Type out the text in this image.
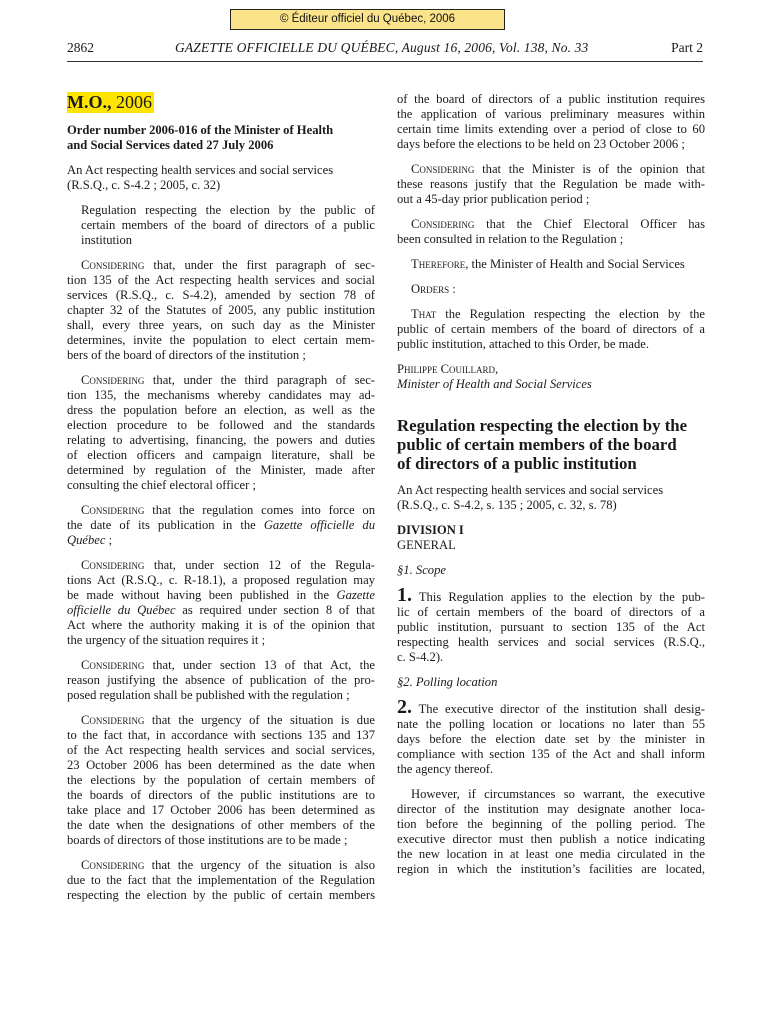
© Éditeur officiel du Québec, 2006
2862	GAZETTE OFFICIELLE DU QUÉBEC, August 16, 2006, Vol. 138, No. 33	Part 2
M.O., 2006
Order number 2006-016 of the Minister of Health
and Social Services dated 27 July 2006
An Act respecting health services and social services
(R.S.Q., c. S-4.2 ; 2005, c. 32)
Regulation respecting the election by the public of
certain members of the board of directors of a public
institution
Considering that, under the first paragraph of sec-
tion 135 of the Act respecting health services and social
services (R.S.Q., c. S-4.2), amended by section 78 of
chapter 32 of the Statutes of 2005, any public institution
shall, every three years, on such day as the Minister
determines, invite the population to elect certain mem-
bers of the board of directors of the institution ;
Considering that, under the third paragraph of sec-
tion 135, the mechanisms whereby candidates may ad-
dress the population before an election, as well as the
election procedure to be followed and the standards
relating to advertising, financing, the powers and duties
of election officers and campaign literature, shall be
determined by regulation of the Minister, made after
consulting the chief electoral officer ;
Considering that the regulation comes into force on
the date of its publication in the Gazette officielle du
Québec ;
Considering that, under section 12 of the Regula-
tions Act (R.S.Q., c. R-18.1), a proposed regulation may
be made without having been published in the Gazette
officielle du Québec as required under section 8 of that
Act where the authority making it is of the opinion that
the urgency of the situation requires it ;
Considering that, under section 13 of that Act, the
reason justifying the absence of publication of the pro-
posed regulation shall be published with the regulation ;
Considering that the urgency of the situation is due
to the fact that, in accordance with sections 135 and 137
of the Act respecting health services and social services,
23 October 2006 has been determined as the date when
the elections by the population of certain members of
the boards of directors of the public institutions are to
take place and 17 October 2006 has been determined as
the date when the designations of other members of the
boards of directors of those institutions are to be made ;
Considering that the urgency of the situation is also
due to the fact that the implementation of the Regulation
respecting the election by the public of certain members
of the board of directors of a public institution requires
the application of various preliminary measures within
certain time limits extending over a period of close to 60
days before the elections to be held on 23 October 2006 ;
Considering that the Minister is of the opinion that
these reasons justify that the Regulation be made with-
out a 45-day prior publication period ;
Considering that the Chief Electoral Officer has
been consulted in relation to the Regulation ;
Therefore, the Minister of Health and Social Services
Orders :
That the Regulation respecting the election by the
public of certain members of the board of directors of a
public institution, attached to this Order, be made.
Philippe Couillard,
Minister of Health and Social Services
Regulation respecting the election by the
public of certain members of the board
of directors of a public institution
An Act respecting health services and social services
(R.S.Q., c. S-4.2, s. 135 ; 2005, c. 32, s. 78)
DIVISION I
GENERAL
§1. Scope
1. This Regulation applies to the election by the pub-
lic of certain members of the board of directors of a
public institution, pursuant to section 135 of the Act
respecting health services and social services (R.S.Q.,
c. S-4.2).
§2. Polling location
2. The executive director of the institution shall desig-
nate the polling location or locations no later than 55
days before the election date set by the minister in
compliance with section 135 of the Act and shall inform
the agency thereof.
However, if circumstances so warrant, the executive
director of the institution may designate another loca-
tion before the beginning of the polling period. The
executive director must then publish a notice indicating
the new location in at least one media circulated in the
region in which the institution’s facilities are located,
